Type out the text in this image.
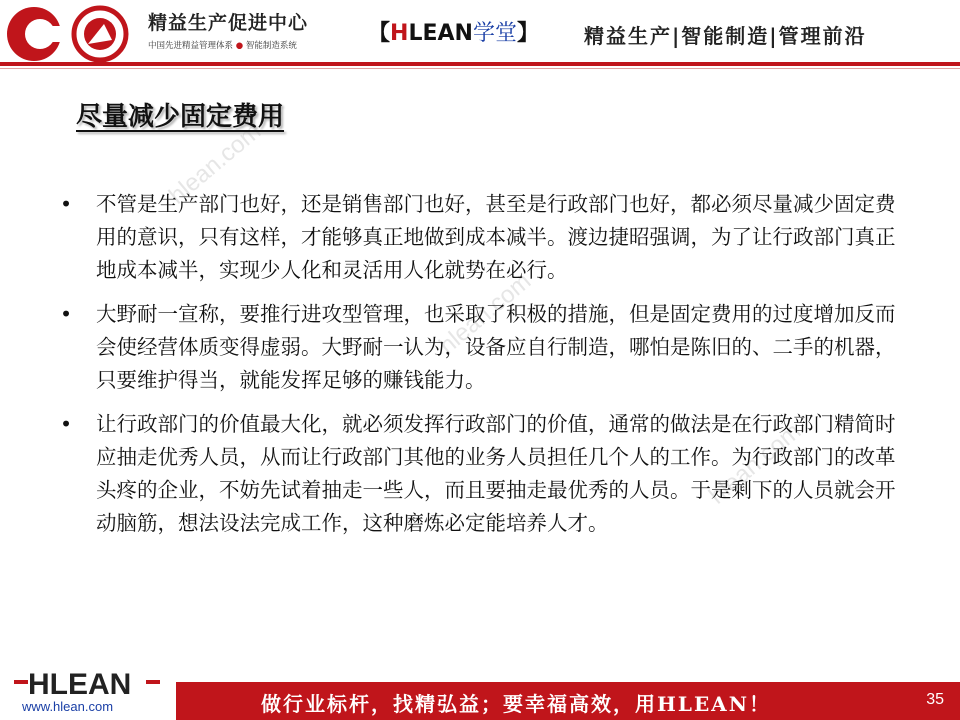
hlean.com
hlean.com
hlean.com
精益生产促进中心
中国先进精益管理体系 ● 智能制造系统	【HLEAN学堂】 精益生产|智能制造|管理前沿
尽量减少固定费用
• 不管是生产部门也好，还是销售部门也好，甚至是行政部门也好，都必须尽量减少固定费用的意识，只有这样，才能够真正地做到成本减半。渡边捷昭强调，为了让行政部门真正地成本减半，实现少人化和灵活用人化就势在必行。
• 大野耐一宣称，要推行进攻型管理，也采取了积极的措施，但是固定费用的过度增加反而会使经营体质变得虚弱。大野耐一认为，设备应自行制造，哪怕是陈旧的、二手的机器，只要维护得当，就能发挥足够的赚钱能力。
• 让行政部门的价值最大化，就必须发挥行政部门的价值，通常的做法是在行政部门精简时应抽走优秀人员，从而让行政部门其他的业务人员担任几个人的工作。为行政部门的改革头疼的企业，不妨先试着抽走一些人，而且要抽走最优秀的人员。于是剩下的人员就会开动脑筋，想法设法完成工作，这种磨炼必定能培养人才。
HLEAN
www.hlean.com	做行业标杆，找精弘益；要幸福高效，用HLEAN！	35
